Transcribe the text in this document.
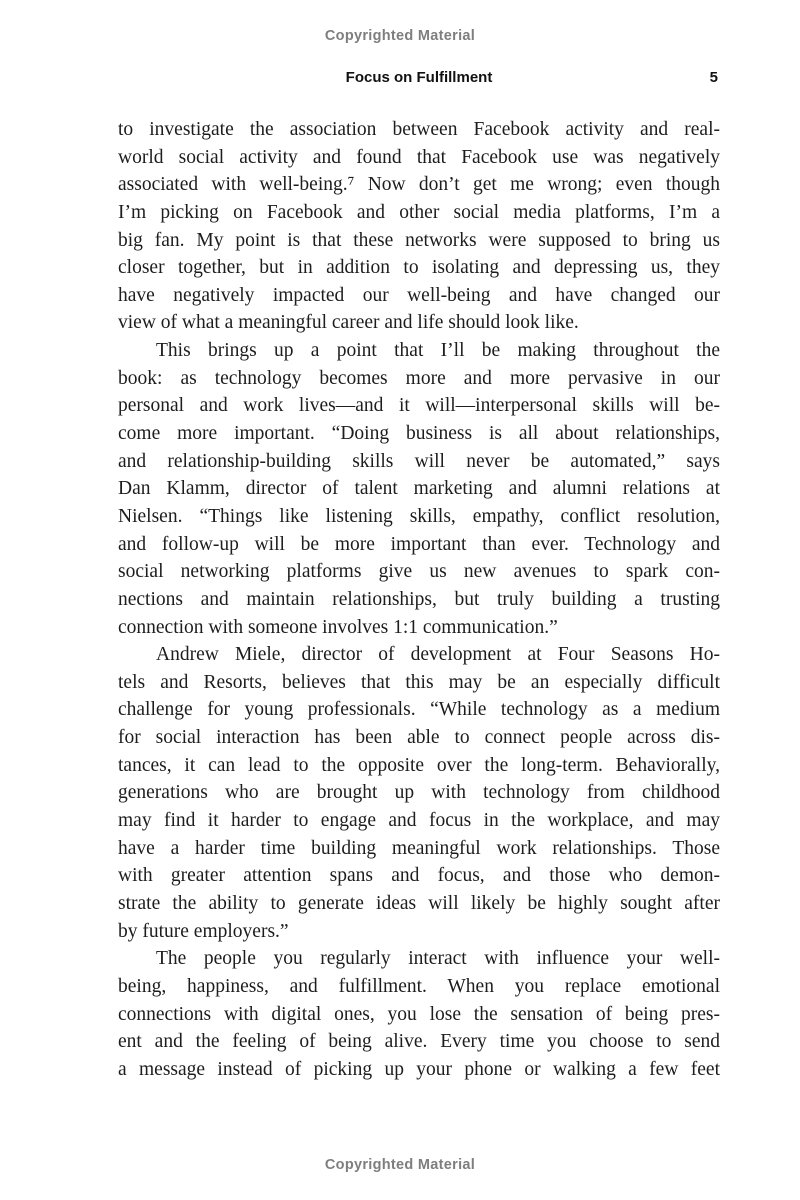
Copyrighted Material
Focus on Fulfillment	5
to investigate the association between Facebook activity and real-
world social activity and found that Facebook use was negatively
associated with well-being.⁷ Now don’t get me wrong; even though
I’m picking on Facebook and other social media platforms, I’m a
big fan. My point is that these networks were supposed to bring us
closer together, but in addition to isolating and depressing us, they
have negatively impacted our well-being and have changed our
view of what a meaningful career and life should look like.
This brings up a point that I’ll be making throughout the
book: as technology becomes more and more pervasive in our
personal and work lives—and it will—interpersonal skills will be-
come more important. “Doing business is all about relationships,
and relationship-building skills will never be automated,” says
Dan Klamm, director of talent marketing and alumni relations at
Nielsen. “Things like listening skills, empathy, conflict resolution,
and follow-up will be more important than ever. Technology and
social networking platforms give us new avenues to spark con-
nections and maintain relationships, but truly building a trusting
connection with someone involves 1:1 communication.”
Andrew Miele, director of development at Four Seasons Ho-
tels and Resorts, believes that this may be an especially difficult
challenge for young professionals. “While technology as a medium
for social interaction has been able to connect people across dis-
tances, it can lead to the opposite over the long-term. Behaviorally,
generations who are brought up with technology from childhood
may find it harder to engage and focus in the workplace, and may
have a harder time building meaningful work relationships. Those
with greater attention spans and focus, and those who demon-
strate the ability to generate ideas will likely be highly sought after
by future employers.”
The people you regularly interact with influence your well-
being, happiness, and fulfillment. When you replace emotional
connections with digital ones, you lose the sensation of being pres-
ent and the feeling of being alive. Every time you choose to send
a message instead of picking up your phone or walking a few feet
Copyrighted Material
